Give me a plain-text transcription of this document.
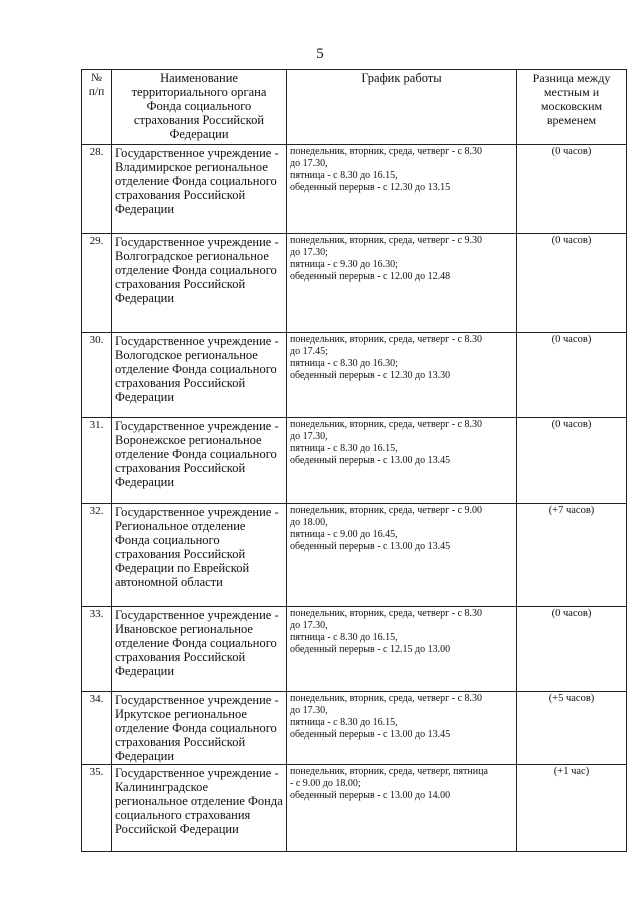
5
№ п/п	Наименование территориального органа Фонда социального страхования Российской Федерации	График работы	Разница между местным и московским временем
28.	Государственное учреждение - Владимирское региональное отделение Фонда социального страхования Российской Федерации	понедельник, вторник, среда, четверг - с 8.30
до 17.30,
пятница - с 8.30 до 16.15,
обеденный перерыв - с 12.30 до 13.15	(0 часов)
29.	Государственное учреждение - Волгоградское региональное отделение Фонда социального страхования Российской Федерации	понедельник, вторник, среда, четверг - с 9.30
до 17.30;
пятница - с 9.30 до 16.30;
обеденный перерыв - с 12.00 до 12.48	(0 часов)
30.	Государственное учреждение - Вологодское региональное отделение Фонда социального страхования Российской Федерации	понедельник, вторник, среда, четверг - с 8.30
до 17.45;
пятница - с 8.30 до 16.30;
обеденный перерыв - с 12.30 до 13.30	(0 часов)
31.	Государственное учреждение - Воронежское региональное отделение Фонда социального страхования Российской Федерации	понедельник, вторник, среда, четверг - с 8.30
до 17.30,
пятница - с 8.30 до 16.15,
обеденный перерыв - с 13.00 до 13.45	(0 часов)
32.	Государственное учреждение - Региональное отделение Фонда социального страхования Российской Федерации по Еврейской автономной области	понедельник, вторник, среда, четверг - с 9.00
до 18.00,
пятница - с 9.00 до 16.45,
обеденный перерыв - с 13.00 до 13.45	(+7 часов)
33.	Государственное учреждение - Ивановское региональное отделение Фонда социального страхования Российской Федерации	понедельник, вторник, среда, четверг - с 8.30
до 17.30,
пятница - с 8.30 до 16.15,
обеденный перерыв - с 12.15 до 13.00	(0 часов)
34.	Государственное учреждение - Иркутское региональное отделение Фонда социального страхования Российской Федерации	понедельник, вторник, среда, четверг - с 8.30
до 17.30,
пятница - с 8.30 до 16.15,
обеденный перерыв - с 13.00 до 13.45	(+5 часов)
35.	Государственное учреждение - Калининградское региональное отделение Фонда социального страхования Российской Федерации	понедельник, вторник, среда, четверг, пятница
- с 9.00 до 18.00;
обеденный перерыв - с 13.00 до 14.00	(+1 час)
